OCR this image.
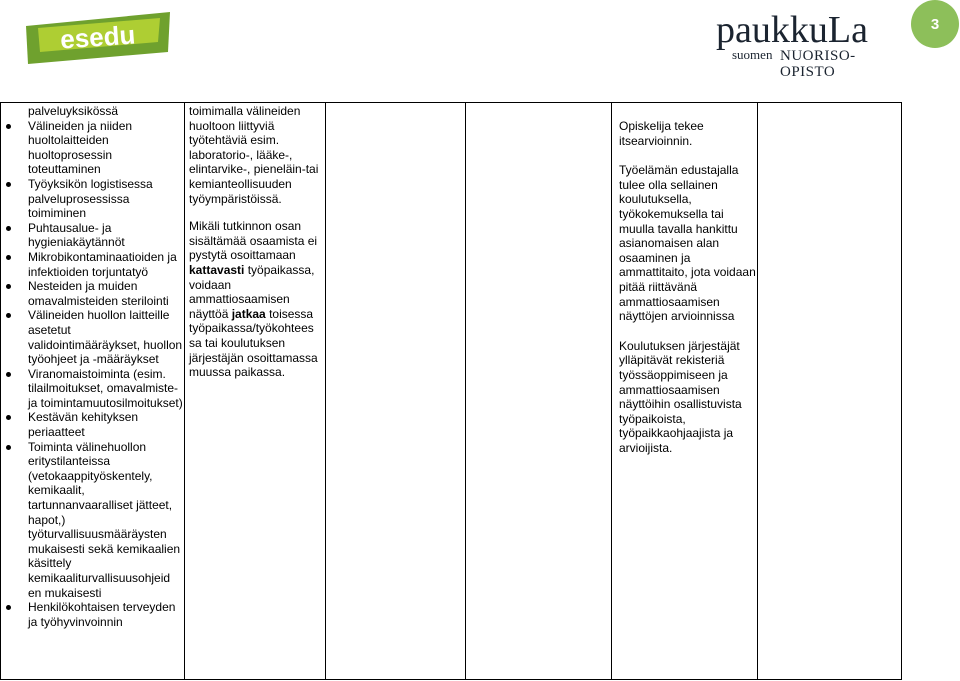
esedu	paukkuLa
suomen NUORISO-OPISTO
3

palveluyksikössä

Välineiden ja niiden huoltolaitteiden huoltoprosessin toteuttaminen
Työyksikön logistisessa palveluprosessissa toimiminen
Puhtausalue- ja hygieniakäytännöt
Mikrobikontaminaatioiden ja infektioiden torjuntatyö
Nesteiden ja muiden omavalmisteiden sterilointi
Välineiden huollon laitteille asetetut validointimääräykset, huollon työohjeet ja -määräykset
Viranomaistoiminta (esim. tilailmoitukset, omavalmiste- ja toimintamuutosilmoitukset)
Kestävän kehityksen periaatteet
Toiminta välinehuollon eritystilanteissa (vetokaappityöskentely, kemikaalit, tartunnanvaaralliset jätteet, hapot,) työturvallisuusmääräysten mukaisesti sekä kemikaalien käsittely kemikaaliturvallisuusohjeid en mukaisesti
Henkilökohtaisen terveyden ja työhyvinvoinnin

toimimalla välineiden huoltoon liittyviä työtehtäviä esim. laboratorio-, lääke-, elintarvike-, pieneläin-tai kemianteollisuuden työympäristöissä.

Mikäli tutkinnon osan sisältämää osaamista ei pystytä osoittamaan kattavasti työpaikassa, voidaan ammattiosaamisen näyttöä jatkaa toisessa työpaikassa/työkohtees sa tai koulutuksen järjestäjän osoittamassa muussa paikassa.

Opiskelija tekee itsearvioinnin.

Työelämän edustajalla tulee olla sellainen koulutuksella, työkokemuksella tai muulla tavalla hankittu asianomaisen alan osaaminen ja ammattitaito, jota voidaan pitää riittävänä ammattiosaamisen näyttöjen arvioinnissa

Koulutuksen järjestäjät ylläpitävät rekisteriä työssäoppimiseen ja ammattiosaamisen näyttöihin osallistuvista työpaikoista, työpaikkaohjaajista ja arvioijista.
